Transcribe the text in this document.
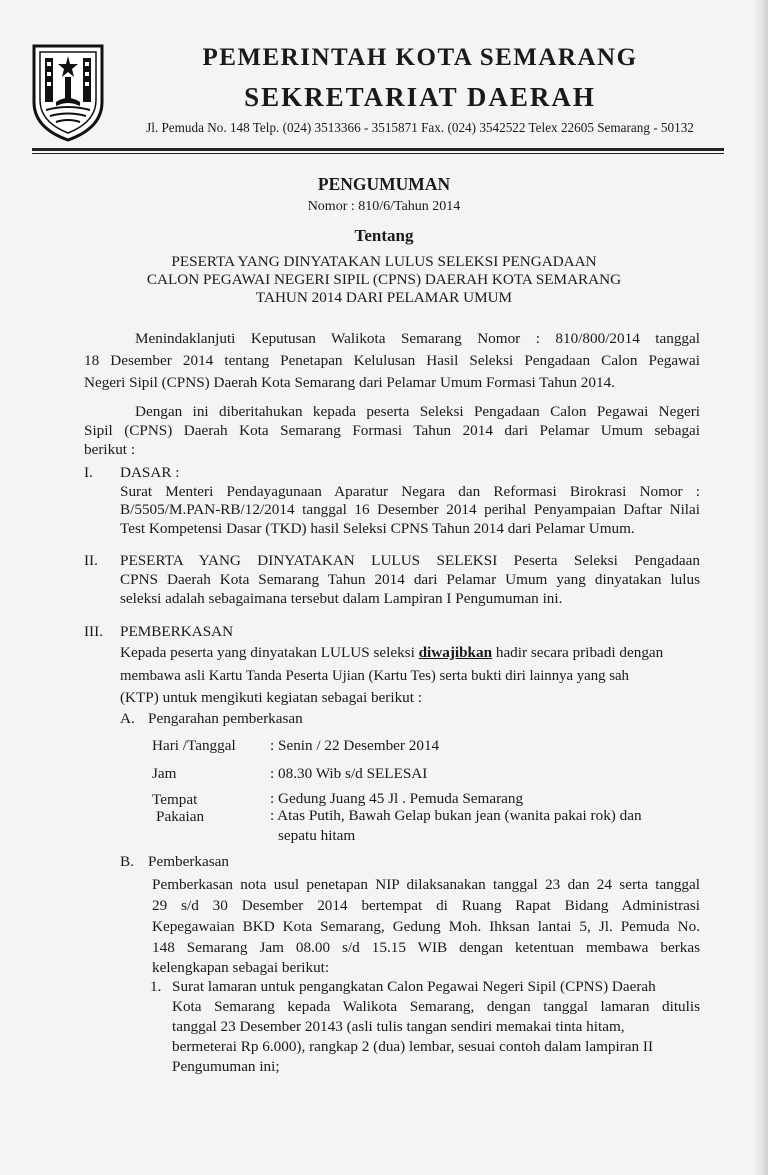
PEMERINTAH KOTA SEMARANG
SEKRETARIAT DAERAH
Jl. Pemuda No. 148 Telp. (024) 3513366 - 3515871 Fax. (024) 3542522 Telex 22605 Semarang - 50132
PENGUMUMAN
Nomor : 810/6/Tahun 2014
Tentang
PESERTA YANG DINYATAKAN LULUS SELEKSI PENGADAAN
CALON PEGAWAI NEGERI SIPIL (CPNS) DAERAH KOTA SEMARANG
TAHUN 2014 DARI PELAMAR UMUM
Menindaklanjuti Keputusan Walikota Semarang Nomor : 810/800/2014 tanggal
18 Desember 2014 tentang Penetapan Kelulusan Hasil Seleksi Pengadaan Calon Pegawai
Negeri Sipil (CPNS) Daerah Kota Semarang dari Pelamar Umum Formasi Tahun 2014.
Dengan ini diberitahukan kepada peserta Seleksi Pengadaan Calon Pegawai Negeri
Sipil (CPNS) Daerah Kota Semarang Formasi Tahun 2014 dari Pelamar Umum sebagai
berikut :
I. DASAR :
Surat Menteri Pendayagunaan Aparatur Negara dan Reformasi Birokrasi Nomor :
B/5505/M.PAN-RB/12/2014 tanggal 16 Desember 2014 perihal Penyampaian Daftar Nilai
Test Kompetensi Dasar (TKD) hasil Seleksi CPNS Tahun 2014 dari Pelamar Umum.
II. PESERTA YANG DINYATAKAN LULUS SELEKSI Peserta Seleksi Pengadaan
CPNS Daerah Kota Semarang Tahun 2014 dari Pelamar Umum yang dinyatakan lulus
seleksi adalah sebagaimana tersebut dalam Lampiran I Pengumuman ini.
III. PEMBERKASAN
Kepada peserta yang dinyatakan LULUS seleksi diwajibkan hadir secara pribadi dengan
membawa asli Kartu Tanda Peserta Ujian (Kartu Tes) serta bukti diri lainnya yang sah
(KTP) untuk mengikuti kegiatan sebagai berikut :
A. Pengarahan pemberkasan
Hari /Tanggal : Senin / 22 Desember 2014
Jam	: 08.30 Wib s/d SELESAI
Tempat	: Gedung Juang 45 Jl . Pemuda Semarang
Pakaian	: Atas Putih, Bawah Gelap bukan jean (wanita pakai rok) dan
sepatu hitam
B. Pemberkasan
Pemberkasan nota usul penetapan NIP dilaksanakan tanggal 23 dan 24 serta tanggal
29 s/d 30 Desember 2014 bertempat di Ruang Rapat Bidang Administrasi
Kepegawaian BKD Kota Semarang, Gedung Moh. Ihksan lantai 5, Jl. Pemuda No.
148 Semarang Jam 08.00 s/d 15.15 WIB dengan ketentuan membawa berkas
kelengkapan sebagai berikut:
1. Surat lamaran untuk pengangkatan Calon Pegawai Negeri Sipil (CPNS) Daerah
Kota Semarang kepada Walikota Semarang, dengan tanggal lamaran ditulis
tanggal 23 Desember 20143 (asli tulis tangan sendiri memakai tinta hitam,
bermeterai Rp 6.000), rangkap 2 (dua) lembar, sesuai contoh dalam lampiran II
Pengumuman ini;
